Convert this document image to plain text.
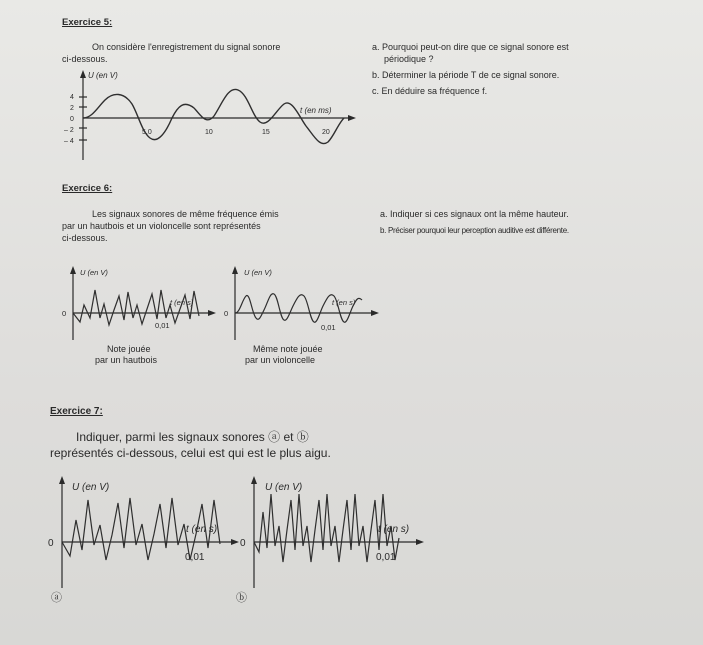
Exercice 5:
On considère l'enregistrement du signal sonore
ci-dessous.
a. Pourquoi peut-on dire que ce signal sonore est
périodique ?
b. Déterminer la période T de ce signal sonore.
c. En déduire sa fréquence f.
U (en V)
t (en ms)
4
2
0
– 2
– 4
5,0	10	15	20
Exercice 6:
Les signaux sonores de même fréquence émis
par un hautbois et un violoncelle sont représentés
ci-dessous.
a. Indiquer si ces signaux ont la même hauteur.
b. Préciser pourquoi leur perception auditive est différente.
U (en V)
t (en s)
0
0,01
U (en V)
t (en s)
0
0,01
Note jouée
par un hautbois
Même note jouée
par un violoncelle
Exercice 7:
Indiquer, parmi les signaux sonores ⓐ et ⓑ
représentés ci-dessous, celui est qui est le plus aigu.
U (en V)
t (en s)
0
0,01
ⓐ
U (en V)
t (en s)
0
0,01
ⓑ
